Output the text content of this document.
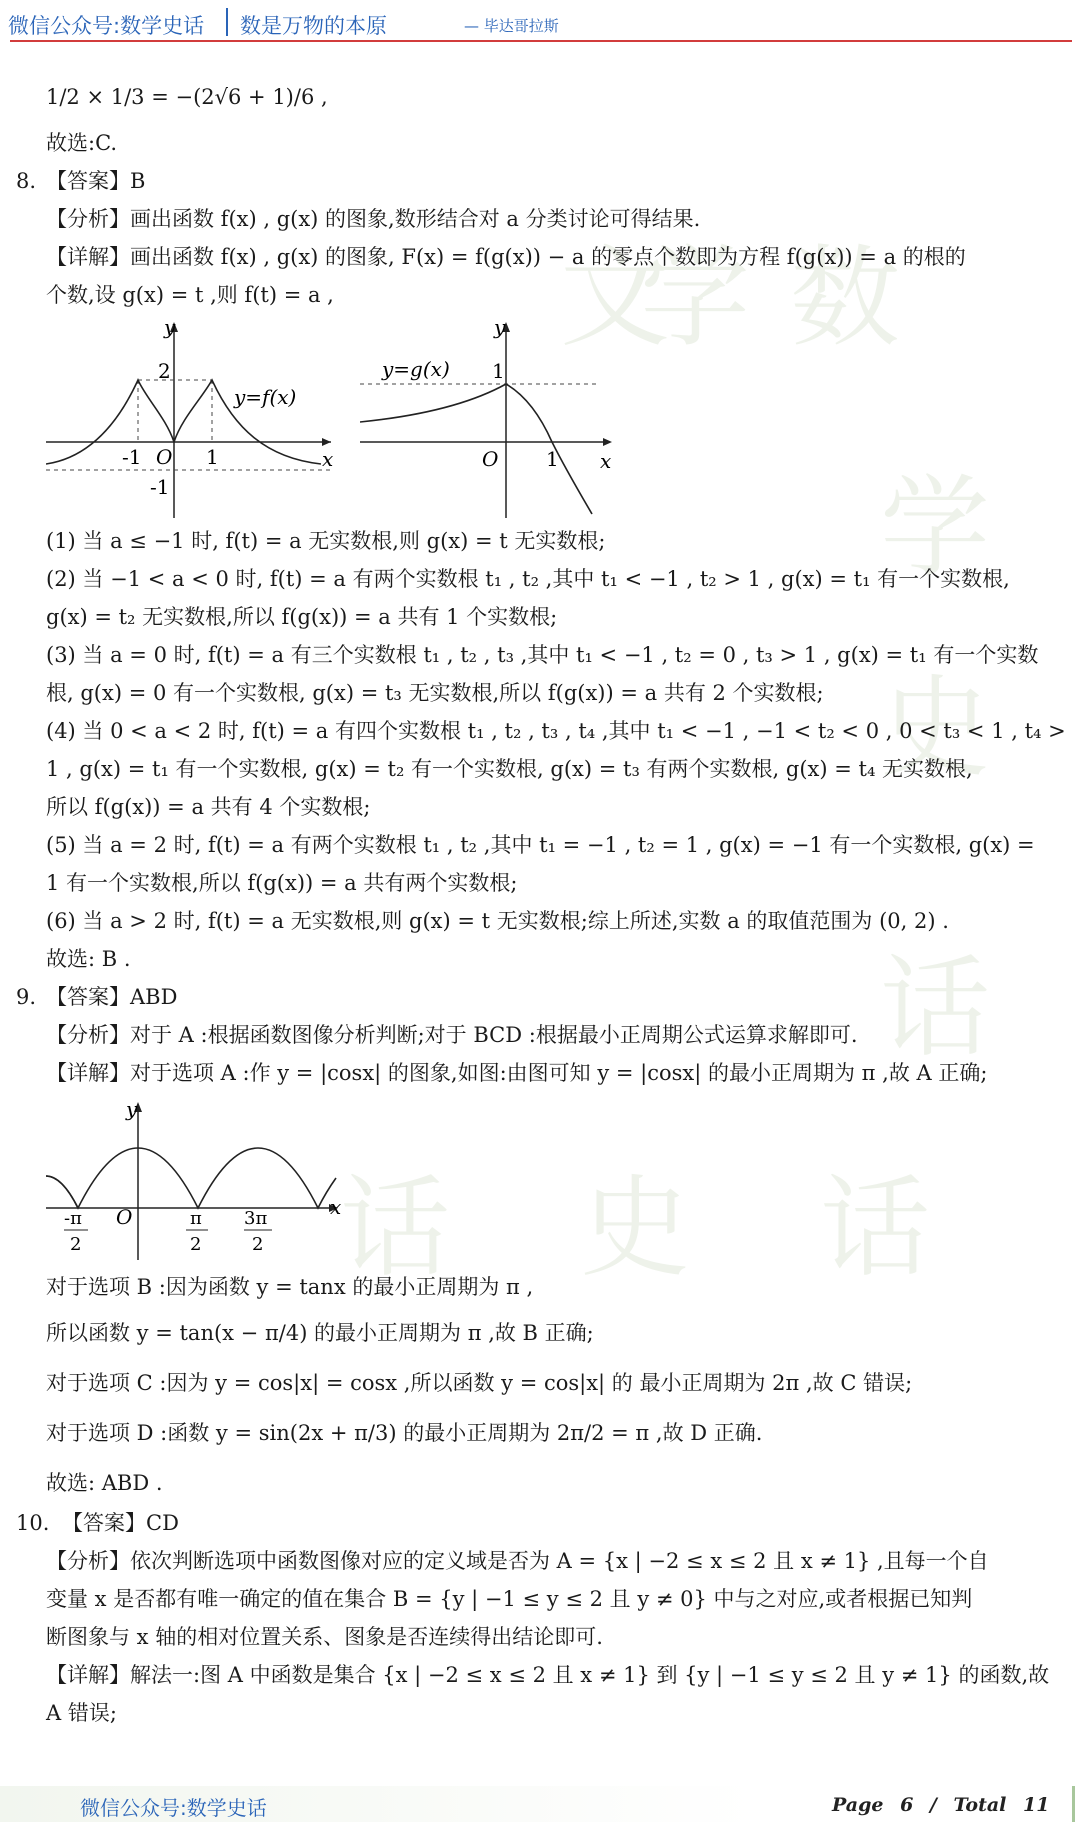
微信公众号:数学史话 数是万物的本原	— 毕达哥拉斯
学 数
学
史
话
话 史 话
文
1/2 × 1/3 = −(2√6 + 1)/6 ,
故选:C.
8. 【答案】B
【分析】画出函数 f(x) , g(x) 的图象,数形结合对 a 分类讨论可得结果.
【详解】画出函数 f(x) , g(x) 的图象, F(x) = f(g(x)) − a 的零点个数即为方程 f(g(x)) = a 的根的
个数,设 g(x) = t ,则 f(t) = a ,
y
x
2
y=f(x)
-1 O 1
-1
y
x
y=g(x) 1
O 1
(1) 当 a ≤ −1 时, f(t) = a 无实数根,则 g(x) = t 无实数根;
(2) 当 −1 < a < 0 时, f(t) = a 有两个实数根 t₁ , t₂ ,其中 t₁ < −1 , t₂ > 1 , g(x) = t₁ 有一个实数根,
g(x) = t₂ 无实数根,所以 f(g(x)) = a 共有 1 个实数根;
(3) 当 a = 0 时, f(t) = a 有三个实数根 t₁ , t₂ , t₃ ,其中 t₁ < −1 , t₂ = 0 , t₃ > 1 , g(x) = t₁ 有一个实数
根, g(x) = 0 有一个实数根, g(x) = t₃ 无实数根,所以 f(g(x)) = a 共有 2 个实数根;
(4) 当 0 < a < 2 时, f(t) = a 有四个实数根 t₁ , t₂ , t₃ , t₄ ,其中 t₁ < −1 , −1 < t₂ < 0 , 0 < t₃ < 1 , t₄ >
1 , g(x) = t₁ 有一个实数根, g(x) = t₂ 有一个实数根, g(x) = t₃ 有两个实数根, g(x) = t₄ 无实数根,
所以 f(g(x)) = a 共有 4 个实数根;
(5) 当 a = 2 时, f(t) = a 有两个实数根 t₁ , t₂ ,其中 t₁ = −1 , t₂ = 1 , g(x) = −1 有一个实数根, g(x) =
1 有一个实数根,所以 f(g(x)) = a 共有两个实数根;
(6) 当 a > 2 时, f(t) = a 无实数根,则 g(x) = t 无实数根;综上所述,实数 a 的取值范围为 (0, 2) .
故选: B .
9. 【答案】ABD
【分析】对于 A :根据函数图像分析判断;对于 BCD :根据最小正周期公式运算求解即可.
【详解】对于选项 A :作 y = |cosx| 的图象,如图:由图可知 y = |cosx| 的最小正周期为 π ,故 A 正确;
y
x
O
-π
2
π
2
3π
2
对于选项 B :因为函数 y = tanx 的最小正周期为 π ,
所以函数 y = tan(x − π/4) 的最小正周期为 π ,故 B 正确;
对于选项 C :因为 y = cos|x| = cosx ,所以函数 y = cos|x| 的 最小正周期为 2π ,故 C 错误;
对于选项 D :函数 y = sin(2x + π/3) 的最小正周期为 2π/2 = π ,故 D 正确.
故选: ABD .
10. 【答案】CD
【分析】依次判断选项中函数图像对应的定义域是否为 A = {x | −2 ≤ x ≤ 2 且 x ≠ 1} ,且每一个自
变量 x 是否都有唯一确定的值在集合 B = {y | −1 ≤ y ≤ 2 且 y ≠ 0} 中与之对应,或者根据已知判
断图象与 x 轴的相对位置关系、图象是否连续得出结论即可.
【详解】解法一:图 A 中函数是集合 {x | −2 ≤ x ≤ 2 且 x ≠ 1} 到 {y | −1 ≤ y ≤ 2 且 y ≠ 1} 的函数,故
A 错误;
微信公众号:数学史话	Page 6 / Total 11
